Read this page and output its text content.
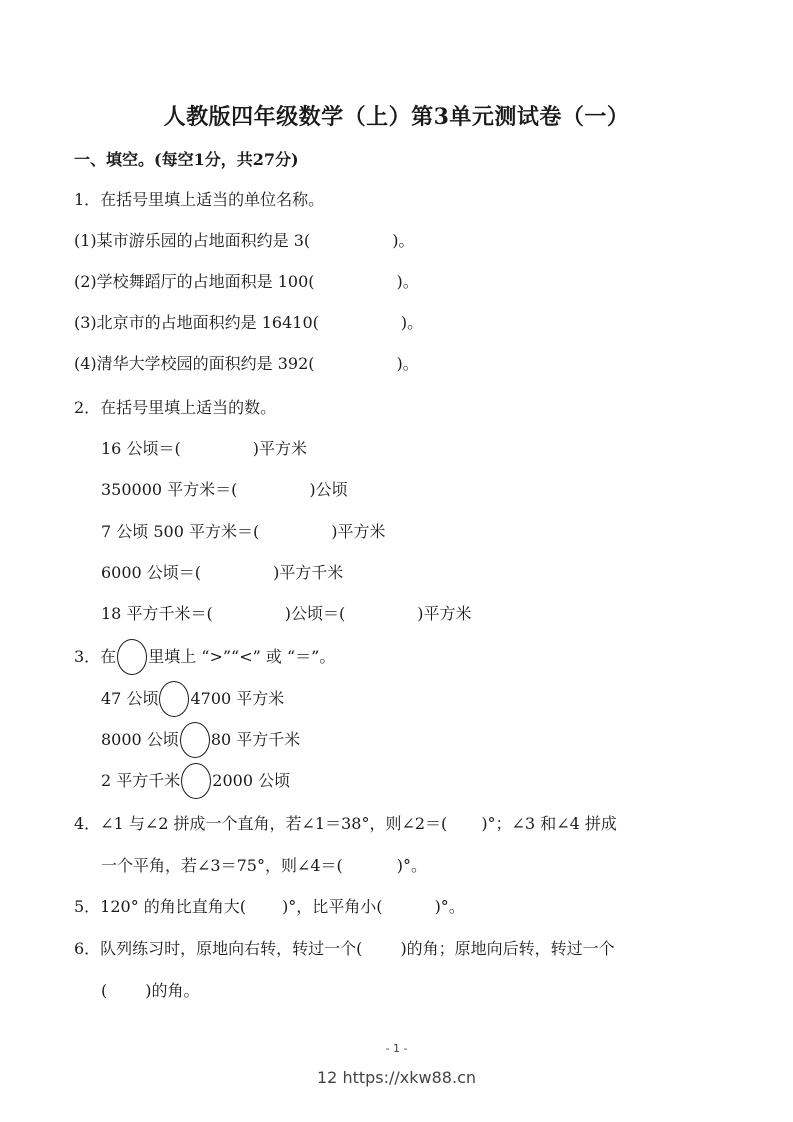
人教版四年级数学（上）第3单元测试卷（一）
一、填空。(每空1分，共27分)
1．在括号里填上适当的单位名称。
(1)某市游乐园的占地面积约是 3(	)。
(2)学校舞蹈厅的占地面积是 100(	)。
(3)北京市的占地面积约是 16410(	)。
(4)清华大学校园的面积约是 392(	)。
2．在括号里填上适当的数。
16 公顷＝(	)平方米
350000 平方米＝(	)公顷
7 公顷 500 平方米＝(	)平方米
6000 公顷＝(	)平方千米
18 平方千米＝(	)公顷＝(	)平方米
3．在 里填上 “>”“<” 或 “＝”。
47 公顷 4700 平方米
8000 公顷 80 平方千米
2 平方千米 2000 公顷
4．∠1 与∠2 拼成一个直角，若∠1＝38°，则∠2＝( )°；∠3 和∠4 拼成
一个平角，若∠3＝75°，则∠4＝(	)°。
5．120° 的角比直角大( )°，比平角小(	)°。
6．队列练习时，原地向右转，转过一个( )的角；原地向后转，转过一个
( )的角。
- 1 -
12 https://xkw88.cn
